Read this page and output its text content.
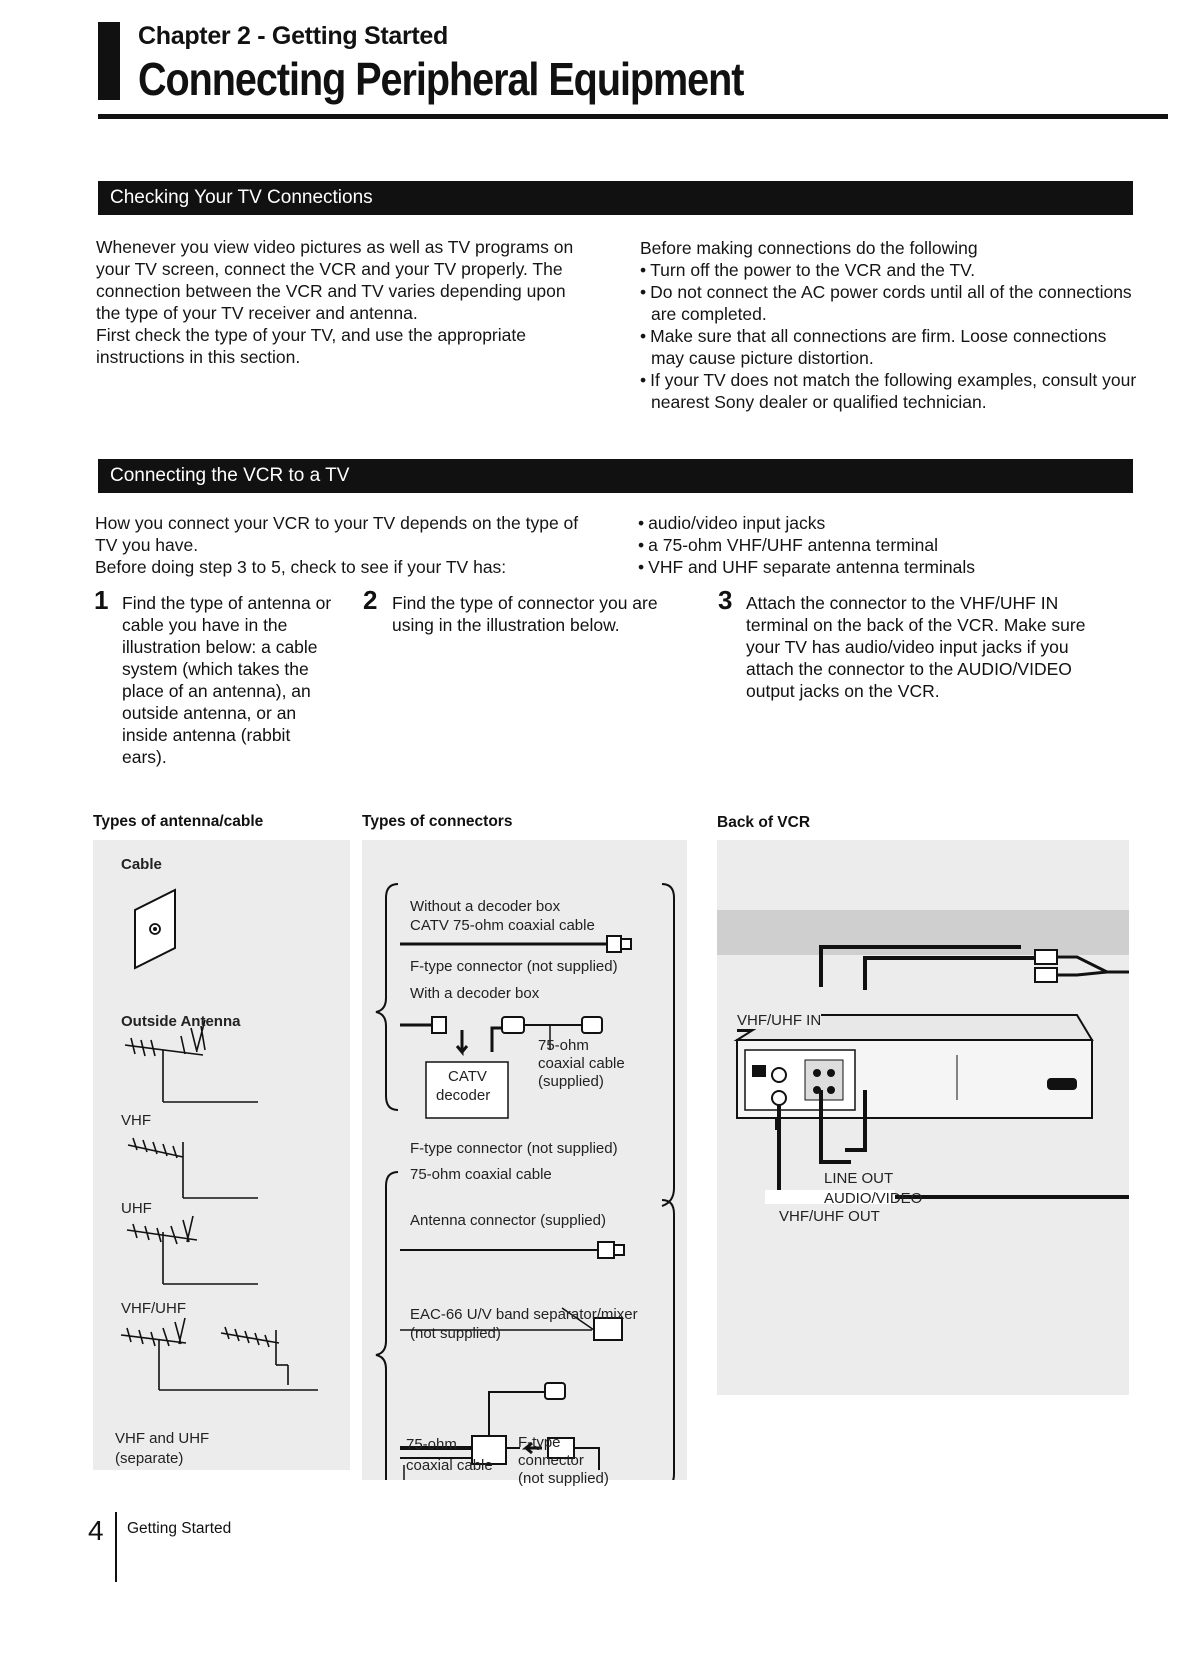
Chapter 2 - Getting Started
Connecting Peripheral Equipment
Checking Your TV Connections

Whenever you view video pictures as well as TV programs on your TV screen, connect the VCR and your TV properly. The connection between the VCR and TV varies depending upon the type of your TV receiver and antenna.

First check the type of your TV, and use the appropriate instructions in this section.

Before making connections do the following

• Turn off the power to the VCR and the TV.
• Do not connect the AC power cords until all of the connections are completed.
• Make sure that all connections are firm. Loose connections may cause picture distortion.
• If your TV does not match the following examples, consult your nearest Sony dealer or qualified technician.
Connecting the VCR to a TV

How you connect your VCR to your TV depends on the type of TV you have.

Before doing step 3 to 5, check to see if your TV has:

• audio/video input jacks
• a 75-ohm VHF/UHF antenna terminal
• VHF and UHF separate antenna terminals
1 Find the type of antenna or cable you have in the illustration below: a cable system (which takes the place of an antenna), an outside antenna, or an inside antenna (rabbit ears).
2 Find the type of connector you are using in the illustration below.
3 Attach the connector to the VHF/UHF IN terminal on the back of the VCR. Make sure your TV has audio/video input jacks if you attach the connector to the AUDIO/VIDEO output jacks on the VCR.
Types of antenna/cable	Types of connectors	Back of VCR
Cable
Outside Antenna
VHF
UHF
VHF/UHF
VHF and UHF
(separate)
Without a decoder box
CATV 75-ohm coaxial cable
F-type connector (not supplied)
With a decoder box
75-ohm
coaxial cable
(supplied)
CATV
decoder
F-type connector (not supplied)
75-ohm coaxial cable
Antenna connector (supplied)
EAC-66 U/V band separator/mixer
(not supplied)
75-ohm
coaxial cable
F-type
connector
(not supplied)
VHF/UHF IN
LINE OUT
AUDIO/VIDEO
VHF/UHF OUT
4 Getting Started
